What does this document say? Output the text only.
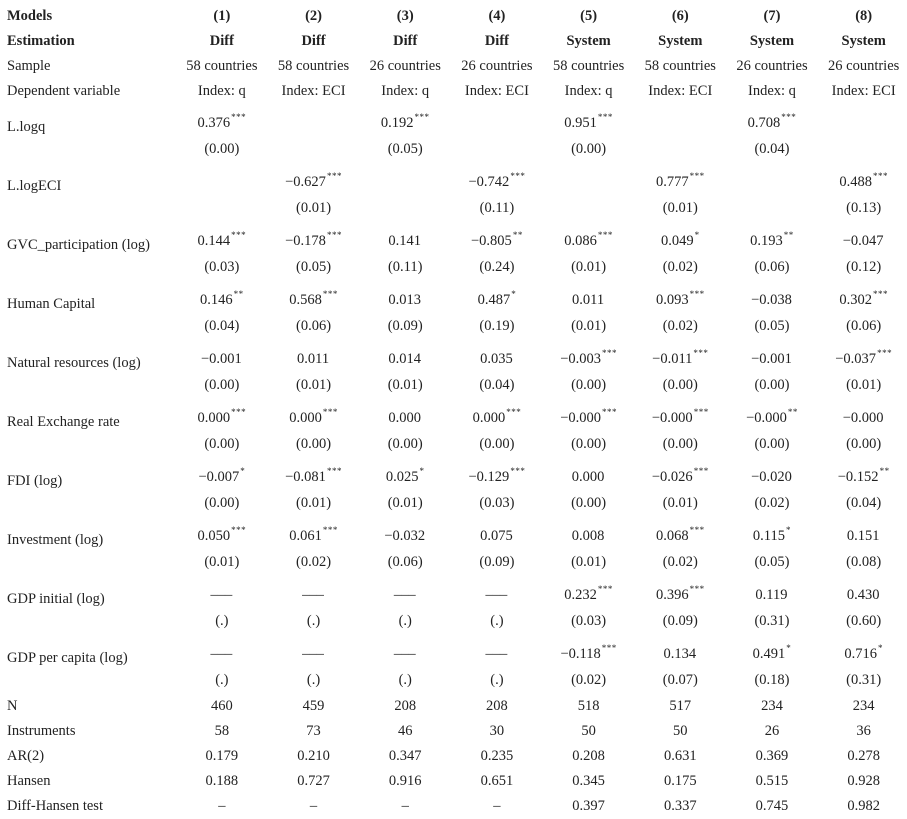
Models	(1)	(2)	(3)	(4)	(5)	(6)	(7)	(8)
Estimation	Diff	Diff	Diff	Diff	System	System	System	System
Sample	58 countries	58 countries	26 countries	26 countries	58 countries	58 countries	26 countries	26 countries
Dependent variable	Index: q	Index: ECI	Index: q	Index: ECI	Index: q	Index: ECI	Index: q	Index: ECI
L.logq	0.376***		0.192***		0.951***		0.708***	
	(0.00)		(0.05)		(0.00)		(0.04)	
L.logECI		−0.627***		−0.742***		0.777***		0.488***
		(0.01)		(0.11)		(0.01)		(0.13)
GVC_participation (log)	0.144***	−0.178***	0.141	−0.805**	0.086***	0.049*	0.193**	−0.047
	(0.03)	(0.05)	(0.11)	(0.24)	(0.01)	(0.02)	(0.06)	(0.12)
Human Capital	0.146**	0.568***	0.013	0.487*	0.011	0.093***	−0.038	0.302***
	(0.04)	(0.06)	(0.09)	(0.19)	(0.01)	(0.02)	(0.05)	(0.06)
Natural resources (log)	−0.001	0.011	0.014	0.035	−0.003***	−0.011***	−0.001	−0.037***
	(0.00)	(0.01)	(0.01)	(0.04)	(0.00)	(0.00)	(0.00)	(0.01)
Real Exchange rate	0.000***	0.000***	0.000	0.000***	−0.000***	−0.000***	−0.000**	−0.000
	(0.00)	(0.00)	(0.00)	(0.00)	(0.00)	(0.00)	(0.00)	(0.00)
FDI (log)	−0.007*	−0.081***	0.025*	−0.129***	0.000	−0.026***	−0.020	−0.152**
	(0.00)	(0.01)	(0.01)	(0.03)	(0.00)	(0.01)	(0.02)	(0.04)
Investment (log)	0.050***	0.061***	−0.032	0.075	0.008	0.068***	0.115*	0.151
	(0.01)	(0.02)	(0.06)	(0.09)	(0.01)	(0.02)	(0.05)	(0.08)
GDP initial (log)	–––	–––	–––	–––	0.232***	0.396***	0.119	0.430
	(.)	(.)	(.)	(.)	(0.03)	(0.09)	(0.31)	(0.60)
GDP per capita (log)	–––	–––	–––	–––	−0.118***	0.134	0.491*	0.716*
	(.)	(.)	(.)	(.)	(0.02)	(0.07)	(0.18)	(0.31)
N	460	459	208	208	518	517	234	234
Instruments	58	73	46	30	50	50	26	36
AR(2)	0.179	0.210	0.347	0.235	0.208	0.631	0.369	0.278
Hansen	0.188	0.727	0.916	0.651	0.345	0.175	0.515	0.928
Diff-Hansen test	–	–	–	–	0.397	0.337	0.745	0.982
